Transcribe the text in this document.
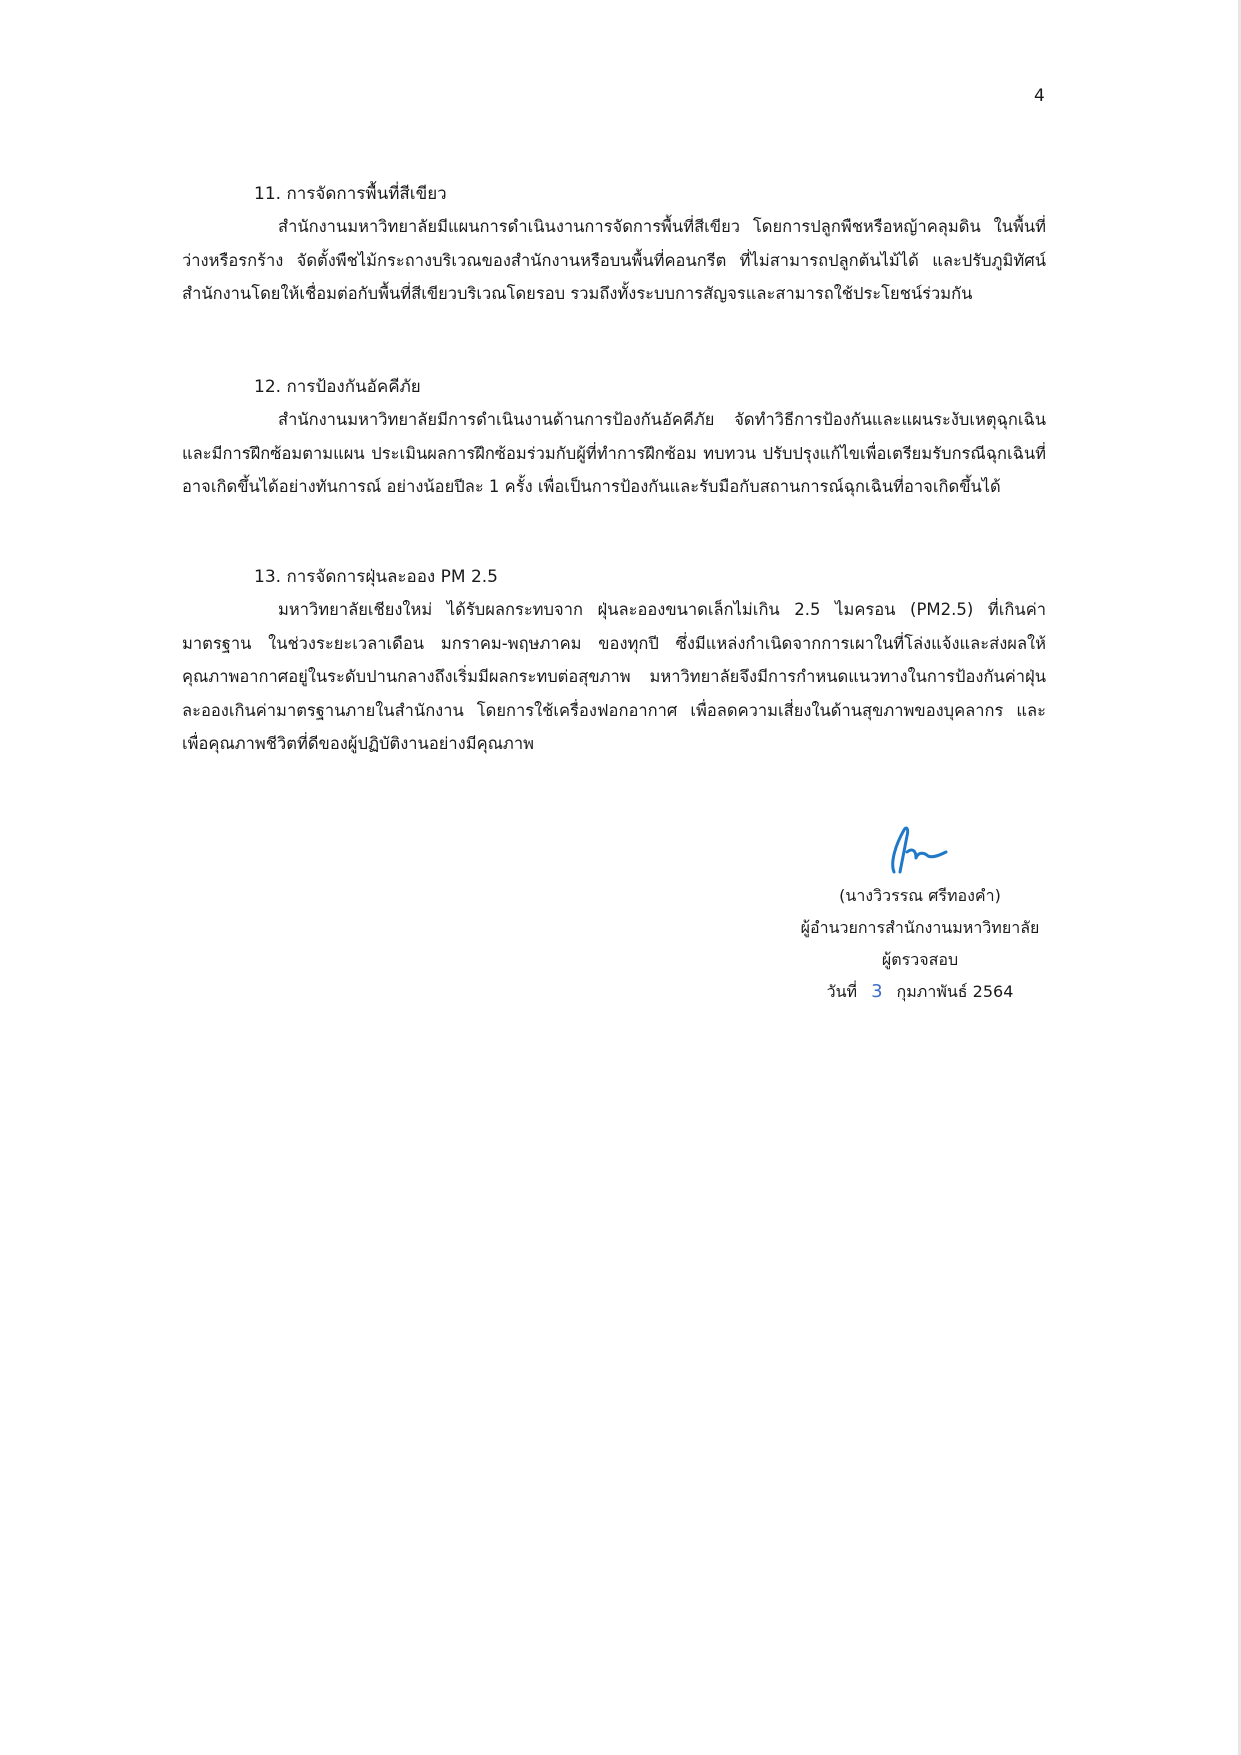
4
11. การจัดการพื้นที่สีเขียว

สำนักงานมหาวิทยาลัยมีแผนการดำเนินงานการจัดการพื้นที่สีเขียว โดยการปลูกพืชหรือหญ้าคลุมดิน ในพื้นที่ว่างหรือรกร้าง จัดตั้งพืชไม้กระถางบริเวณของสำนักงานหรือบนพื้นที่คอนกรีต ที่ไม่สามารถปลูกต้นไม้ได้ และปรับภูมิทัศน์สำนักงานโดยให้เชื่อมต่อกับพื้นที่สีเขียวบริเวณโดยรอบ รวมถึงทั้งระบบการสัญจรและสามารถใช้ประโยชน์ร่วมกัน

12. การป้องกันอัคคีภัย

สำนักงานมหาวิทยาลัยมีการดำเนินงานด้านการป้องกันอัคคีภัย จัดทำวิธีการป้องกันและแผนระงับเหตุฉุกเฉิน และมีการฝึกซ้อมตามแผน ประเมินผลการฝึกซ้อมร่วมกับผู้ที่ทำการฝึกซ้อม ทบทวน ปรับปรุงแก้ไขเพื่อเตรียมรับกรณีฉุกเฉินที่อาจเกิดขึ้นได้อย่างทันการณ์ อย่างน้อยปีละ 1 ครั้ง เพื่อเป็นการป้องกันและรับมือกับสถานการณ์ฉุกเฉินที่อาจเกิดขึ้นได้

13. การจัดการฝุ่นละออง PM 2.5

มหาวิทยาลัยเชียงใหม่ ได้รับผลกระทบจาก ฝุ่นละอองขนาดเล็กไม่เกิน 2.5 ไมครอน (PM2.5) ที่เกินค่ามาตรฐาน ในช่วงระยะเวลาเดือน มกราคม-พฤษภาคม ของทุกปี ซึ่งมีแหล่งกำเนิดจากการเผาในที่โล่งแจ้งและส่งผลให้คุณภาพอากาศอยู่ในระดับปานกลางถึงเริ่มมีผลกระทบต่อสุขภาพ มหาวิทยาลัยจึงมีการกำหนดแนวทางในการป้องกันค่าฝุ่นละอองเกินค่ามาตรฐานภายในสำนักงาน โดยการใช้เครื่องฟอกอากาศ เพื่อลดความเสี่ยงในด้านสุขภาพของบุคลากร และเพื่อคุณภาพชีวิตที่ดีของผู้ปฏิบัติงานอย่างมีคุณภาพ

(นางวิวรรณ ศรีทองคำ)
ผู้อำนวยการสำนักงานมหาวิทยาลัย
ผู้ตรวจสอบ
วันที่ 3 กุมภาพันธ์ 2564
